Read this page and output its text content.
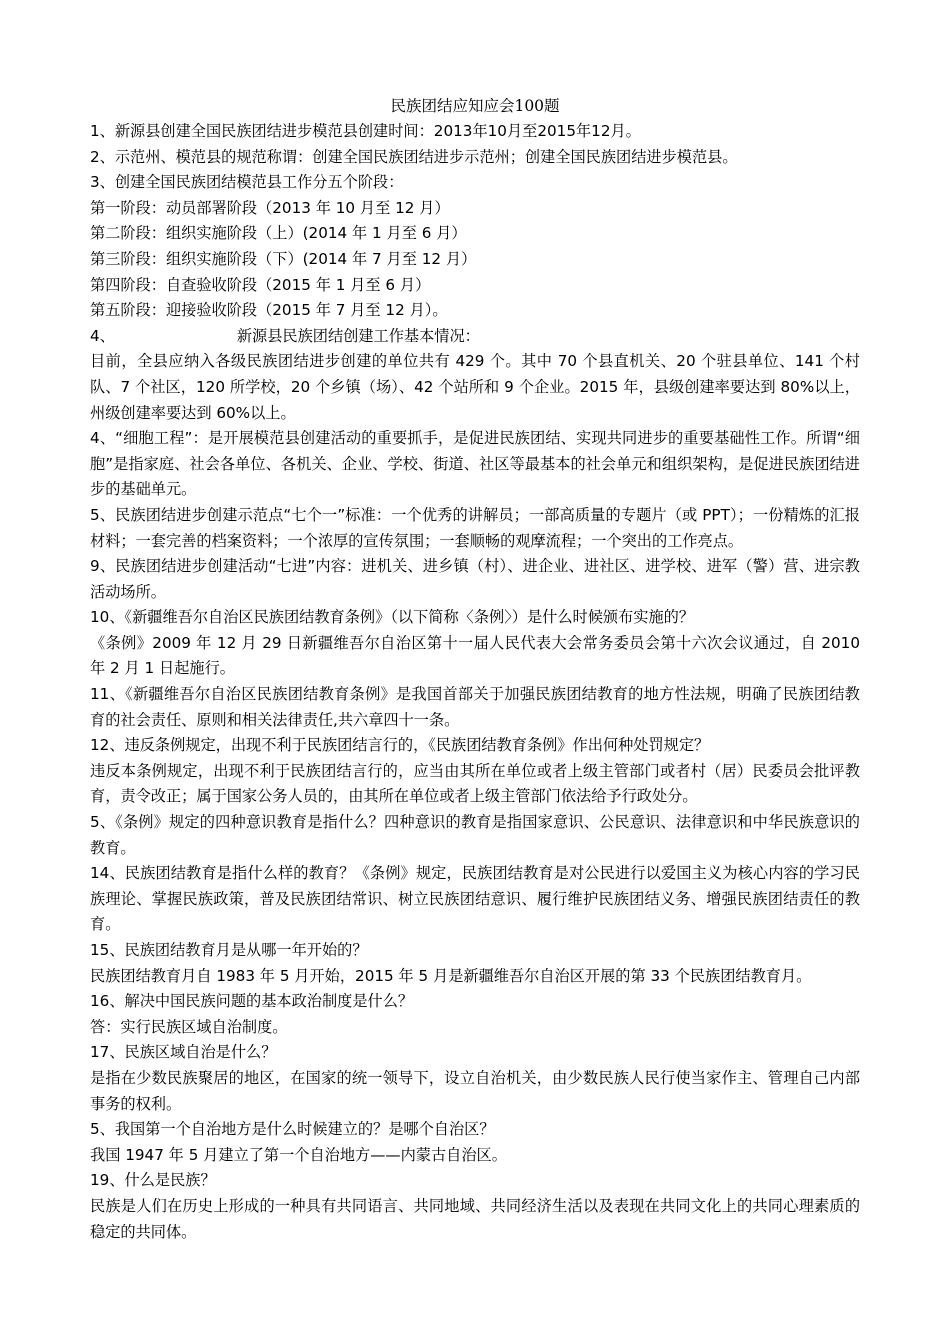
民族团结应知应会100题

1、新源县创建全国民族团结进步模范县创建时间：2013年10月至2015年12月。

2、示范州、模范县的规范称谓：创建全国民族团结进步示范州；创建全国民族团结进步模范县。

3、创建全国民族团结模范县工作分五个阶段：

第一阶段：动员部署阶段（2013 年 10 月至 12 月）

第二阶段：组织实施阶段（上）(2014 年 1 月至 6 月）

第三阶段：组织实施阶段（下）(2014 年 7 月至 12 月）

第四阶段：自查验收阶段（2015 年 1 月至 6 月）

第五阶段：迎接验收阶段（2015 年 7 月至 12 月）。

4、	新源县民族团结创建工作基本情况：

目前，全县应纳入各级民族团结进步创建的单位共有 429 个。其中 70 个县直机关、20 个驻县单位、141 个村队、7 个社区，120 所学校，20 个乡镇（场）、42 个站所和 9 个企业。2015 年，县级创建率要达到 80%以上，州级创建率要达到 60%以上。

4、“细胞工程”：是开展模范县创建活动的重要抓手，是促进民族团结、实现共同进步的重要基础性工作。所谓“细胞”是指家庭、社会各单位、各机关、企业、学校、街道、社区等最基本的社会单元和组织架构，是促进民族团结进步的基础单元。

5、民族团结进步创建示范点“七个一”标准：一个优秀的讲解员；一部高质量的专题片（或 PPT）；一份精炼的汇报材料；一套完善的档案资料；一个浓厚的宣传氛围；一套顺畅的观摩流程；一个突出的工作亮点。

9、民族团结进步创建活动“七进”内容：进机关、进乡镇（村）、进企业、进社区、进学校、进军（警）营、进宗教活动场所。

10、《新疆维吾尔自治区民族团结教育条例》（以下简称〈条例〉）是什么时候颁布实施的？

《条例》2009 年 12 月 29 日新疆维吾尔自治区第十一届人民代表大会常务委员会第十六次会议通过，自 2010 年 2 月 1 日起施行。

11、《新疆维吾尔自治区民族团结教育条例》是我国首部关于加强民族团结教育的地方性法规，明确了民族团结教育的社会责任、原则和相关法律责任,共六章四十一条。

12、违反条例规定，出现不利于民族团结言行的，《民族团结教育条例》作出何种处罚规定？

违反本条例规定，出现不利于民族团结言行的，应当由其所在单位或者上级主管部门或者村（居）民委员会批评教育，责令改正；属于国家公务人员的，由其所在单位或者上级主管部门依法给予行政处分。

5、《条例》规定的四种意识教育是指什么？四种意识的教育是指国家意识、公民意识、法律意识和中华民族意识的教育。

14、民族团结教育是指什么样的教育？《条例》规定，民族团结教育是对公民进行以爱国主义为核心内容的学习民族理论、掌握民族政策，普及民族团结常识、树立民族团结意识、履行维护民族团结义务、增强民族团结责任的教育。

15、民族团结教育月是从哪一年开始的？

民族团结教育月自 1983 年 5 月开始，2015 年 5 月是新疆维吾尔自治区开展的第 33 个民族团结教育月。

16、解决中国民族问题的基本政治制度是什么？

答：实行民族区域自治制度。

17、民族区域自治是什么？

是指在少数民族聚居的地区，在国家的统一领导下，设立自治机关，由少数民族人民行使当家作主、管理自己内部事务的权利。

5、我国第一个自治地方是什么时候建立的？是哪个自治区？

我国 1947 年 5 月建立了第一个自治地方——内蒙古自治区。

19、什么是民族？

民族是人们在历史上形成的一种具有共同语言、共同地域、共同经济生活以及表现在共同文化上的共同心理素质的稳定的共同体。
